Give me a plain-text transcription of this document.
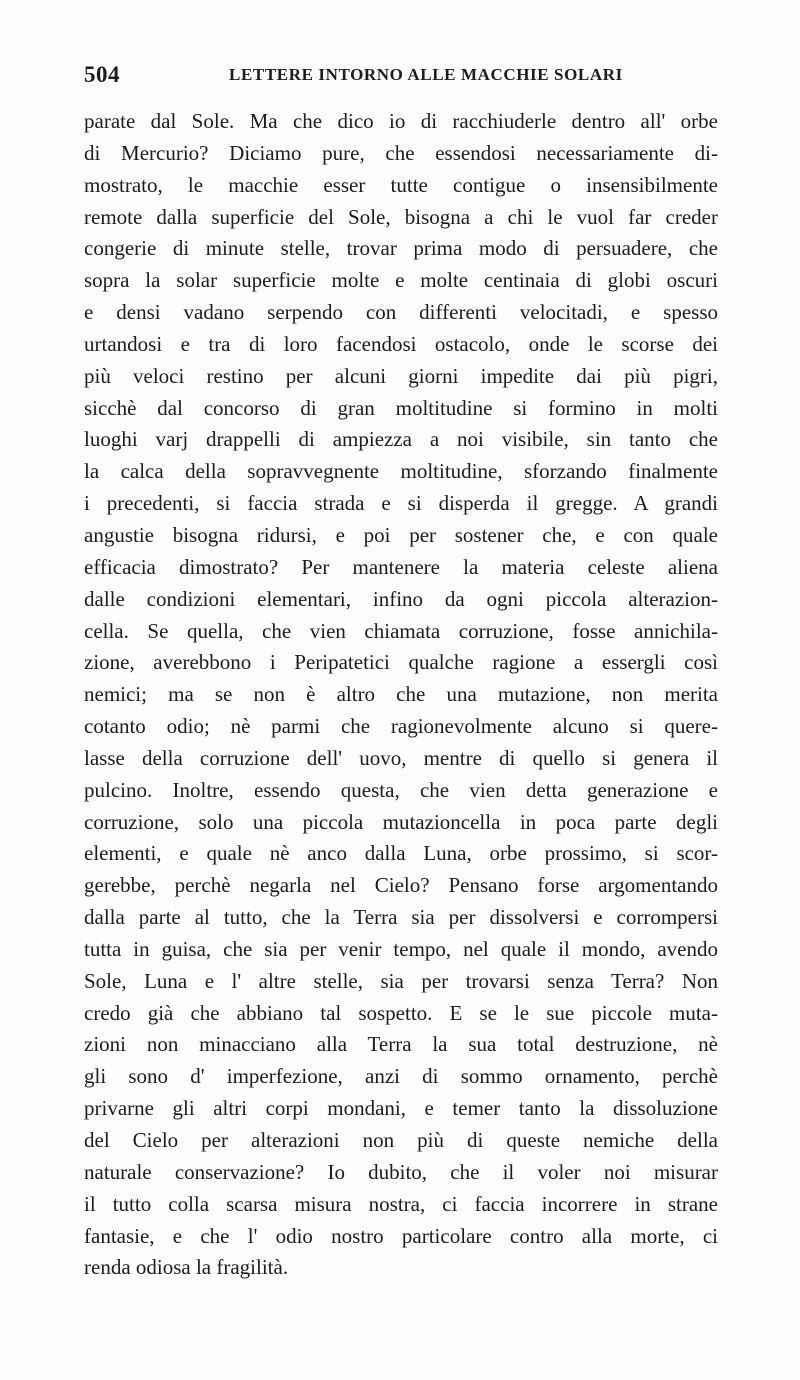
504	LETTERE INTORNO ALLE MACCHIE SOLARI
parate dal Sole. Ma che dico io di racchiuderle dentro all' orbe
di Mercurio? Diciamo pure, che essendosi necessariamente di-
mostrato, le macchie esser tutte contigue o insensibilmente
remote dalla superficie del Sole, bisogna a chi le vuol far creder
congerie di minute stelle, trovar prima modo di persuadere, che
sopra la solar superficie molte e molte centinaia di globi oscuri
e densi vadano serpendo con differenti velocitadi, e spesso
urtandosi e tra di loro facendosi ostacolo, onde le scorse dei
più veloci restino per alcuni giorni impedite dai più pigri,
sicchè dal concorso di gran moltitudine si formino in molti
luoghi varj drappelli di ampiezza a noi visibile, sin tanto che
la calca della sopravvegnente moltitudine, sforzando finalmente
i precedenti, si faccia strada e si disperda il gregge. A grandi
angustie bisogna ridursi, e poi per sostener che, e con quale
efficacia dimostrato? Per mantenere la materia celeste aliena
dalle condizioni elementari, infino da ogni piccola alterazion-
cella. Se quella, che vien chiamata corruzione, fosse annichila-
zione, averebbono i Peripatetici qualche ragione a essergli così
nemici; ma se non è altro che una mutazione, non merita
cotanto odio; nè parmi che ragionevolmente alcuno si quere-
lasse della corruzione dell' uovo, mentre di quello si genera il
pulcino. Inoltre, essendo questa, che vien detta generazione e
corruzione, solo una piccola mutazioncella in poca parte degli
elementi, e quale nè anco dalla Luna, orbe prossimo, si scor-
gerebbe, perchè negarla nel Cielo? Pensano forse argomentando
dalla parte al tutto, che la Terra sia per dissolversi e corrompersi
tutta in guisa, che sia per venir tempo, nel quale il mondo, avendo
Sole, Luna e l' altre stelle, sia per trovarsi senza Terra? Non
credo già che abbiano tal sospetto. E se le sue piccole muta-
zioni non minacciano alla Terra la sua total destruzione, nè
gli sono d' imperfezione, anzi di sommo ornamento, perchè
privarne gli altri corpi mondani, e temer tanto la dissoluzione
del Cielo per alterazioni non più di queste nemiche della
naturale conservazione? Io dubito, che il voler noi misurar
il tutto colla scarsa misura nostra, ci faccia incorrere in strane
fantasie, e che l' odio nostro particolare contro alla morte, ci
renda odiosa la fragilità.
